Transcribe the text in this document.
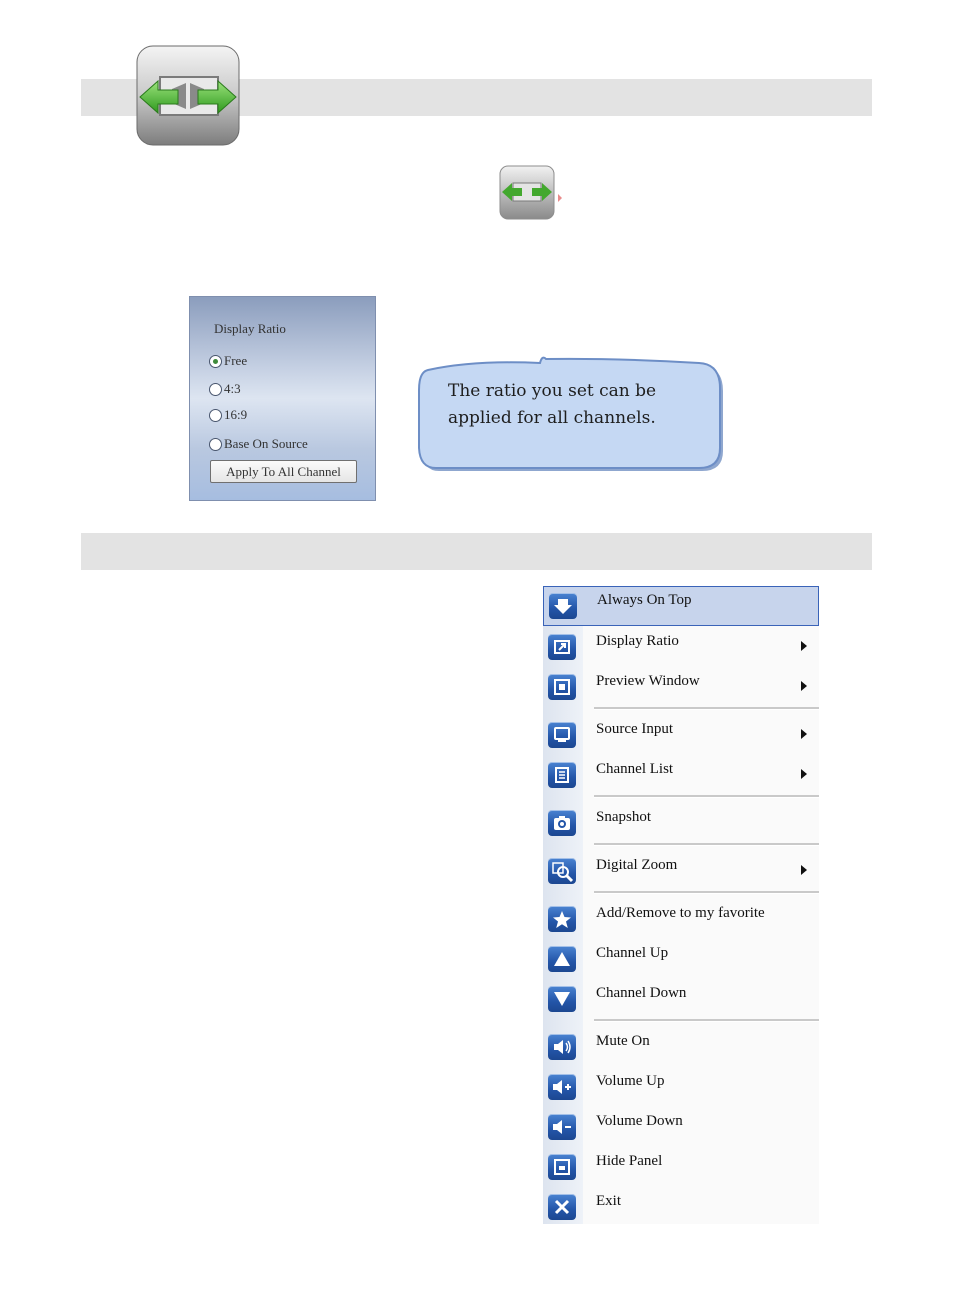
Display Ratio
Free
4:3
16:9
Base On Source
Apply To All Channel
The ratio you set can be
applied for all channels.
Always On Top
Display Ratio
Preview Window
Source Input
Channel List
Snapshot
Digital Zoom
Add/Remove to my favorite
Channel Up
Channel Down
Mute On
Volume Up
Volume Down
Hide Panel
Exit
